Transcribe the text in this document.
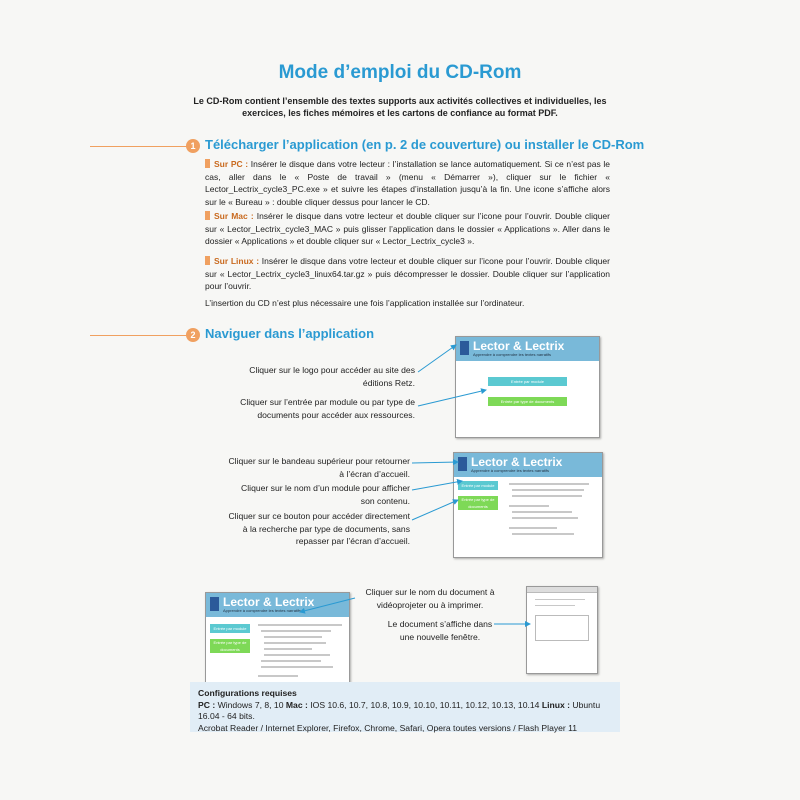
Mode d’emploi du CD-Rom
Le CD-Rom contient l’ensemble des textes supports aux activités collectives et individuelles, les exercices, les fiches mémoires et les cartons de confiance au format PDF.
1 Télécharger l’application (en p. 2 de couverture) ou installer le CD-Rom
Sur PC : Insérer le disque dans votre lecteur : l’installation se lance automatiquement. Si ce n’est pas le cas, aller dans le « Poste de travail » (menu « Démarrer »), cliquer sur le fichier « Lector_Lectrix_cycle3_PC.exe » et suivre les étapes d’installation jusqu’à la fin. Une icone s’affiche alors sur le « Bureau » : double cliquer dessus pour lancer le CD.
Sur Mac : Insérer le disque dans votre lecteur et double cliquer sur l’icone pour l’ouvrir. Double cliquer sur « Lector_Lectrix_cycle3_MAC » puis glisser l’application dans le dossier « Applications ». Aller dans le dossier « Applications » et double cliquer sur « Lector_Lectrix_cycle3 ».
Sur Linux : Insérer le disque dans votre lecteur et double cliquer sur l’icone pour l’ouvrir. Double cliquer sur « Lector_Lectrix_cycle3_linux64.tar.gz » puis décompresser le dossier. Double cliquer sur l’application pour l’ouvrir.
L’insertion du CD n’est plus nécessaire une fois l’application installée sur l’ordinateur.
2 Naviguer dans l’application
Lector & Lectrix
Apprendre à comprendre les textes narratifs
Entrée par module
Entrée par type de documents
Lector & Lectrix
Apprendre à comprendre les textes narratifs
Entrée par module
Entrée par type de documents
Lector & Lectrix
Apprendre à comprendre les textes narratifs
Entrée par module
Entrée par type de documents
Cliquer sur le logo pour accéder au site des éditions Retz.
Cliquer sur l’entrée par module ou par type de documents pour accéder aux ressources.
Cliquer sur le bandeau supérieur pour retourner à l’écran d’accueil.
Cliquer sur le nom d’un module pour afficher son contenu.
Cliquer sur ce bouton pour accéder directement à la recherche par type de documents, sans repasser par l’écran d’accueil.
Cliquer sur le nom du document à vidéoprojeter ou à imprimer.
Le document s’affiche dans une nouvelle fenêtre.
Configurations requises
PC : Windows 7, 8, 10 Mac : IOS 10.6, 10.7, 10.8, 10.9, 10.10, 10.11, 10.12, 10.13, 10.14 Linux : Ubuntu 16.04 - 64 bits.
Acrobat Reader / Internet Explorer, Firefox, Chrome, Safari, Opera toutes versions / Flash Player 11
